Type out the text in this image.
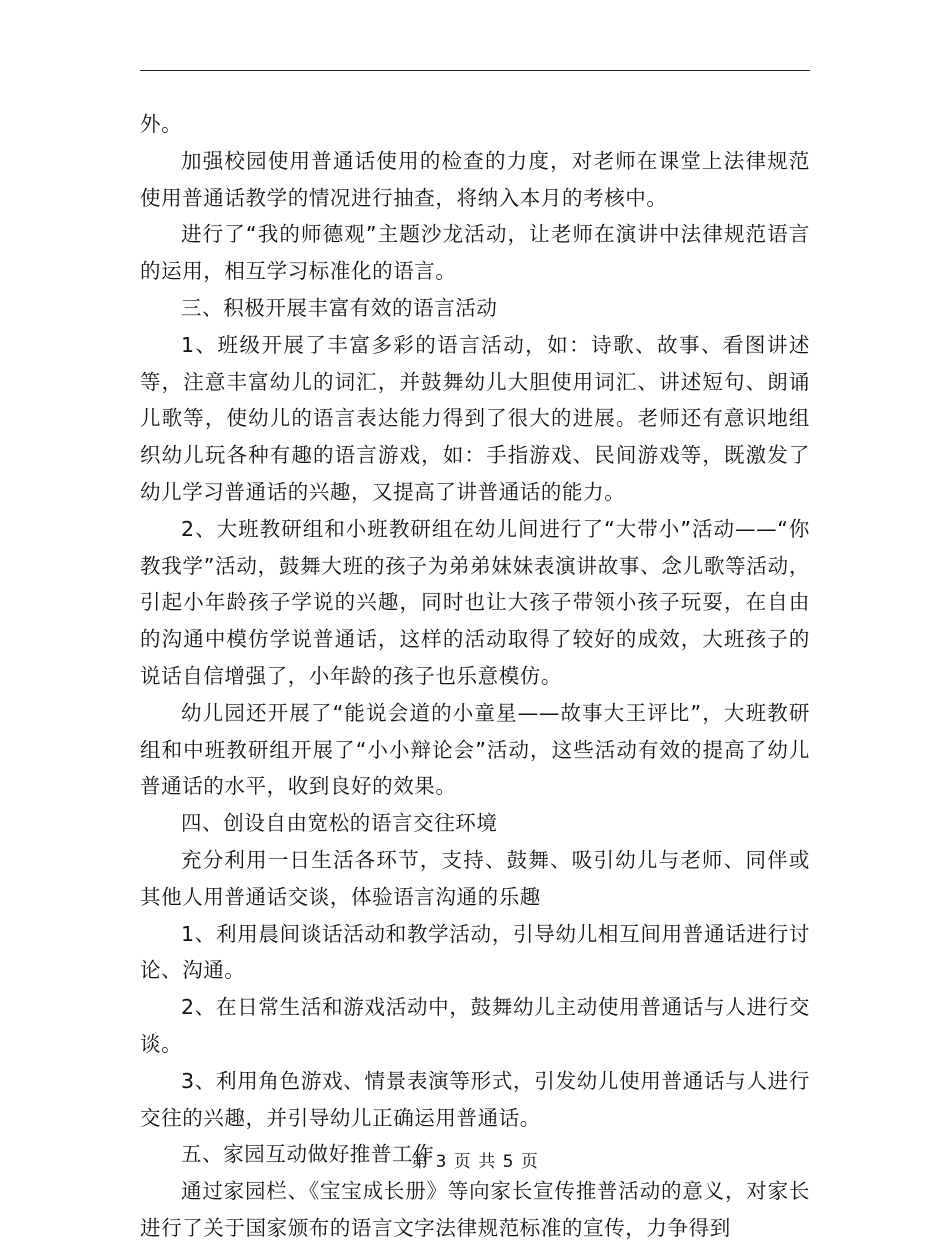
外。

加强校园使用普通话使用的检查的力度，对老师在课堂上法律规范使用普通话教学的情况进行抽查，将纳入本月的考核中。

进行了“我的师德观”主题沙龙活动，让老师在演讲中法律规范语言的运用，相互学习标准化的语言。

三、积极开展丰富有效的语言活动

1、班级开展了丰富多彩的语言活动，如：诗歌、故事、看图讲述等，注意丰富幼儿的词汇，并鼓舞幼儿大胆使用词汇、讲述短句、朗诵儿歌等，使幼儿的语言表达能力得到了很大的进展。老师还有意识地组织幼儿玩各种有趣的语言游戏，如：手指游戏、民间游戏等，既激发了幼儿学习普通话的兴趣，又提高了讲普通话的能力。

2、大班教研组和小班教研组在幼儿间进行了“大带小”活动——“你教我学”活动，鼓舞大班的孩子为弟弟妹妹表演讲故事、念儿歌等活动，引起小年龄孩子学说的兴趣，同时也让大孩子带领小孩子玩耍，在自由的沟通中模仿学说普通话，这样的活动取得了较好的成效，大班孩子的说话自信增强了，小年龄的孩子也乐意模仿。

幼儿园还开展了“能说会道的小童星——故事大王评比”，大班教研组和中班教研组开展了“小小辩论会”活动，这些活动有效的提高了幼儿普通话的水平，收到良好的效果。

四、创设自由宽松的语言交往环境

充分利用一日生活各环节，支持、鼓舞、吸引幼儿与老师、同伴或其他人用普通话交谈，体验语言沟通的乐趣

1、利用晨间谈话活动和教学活动，引导幼儿相互间用普通话进行讨论、沟通。

2、在日常生活和游戏活动中，鼓舞幼儿主动使用普通话与人进行交谈。

3、利用角色游戏、情景表演等形式，引发幼儿使用普通话与人进行交往的兴趣，并引导幼儿正确运用普通话。

五、家园互动做好推普工作

通过家园栏、《宝宝成长册》等向家长宣传推普活动的意义，对家长进行了关于国家颁布的语言文字法律规范标准的宣传，力争得到

第 3 页 共 5 页
